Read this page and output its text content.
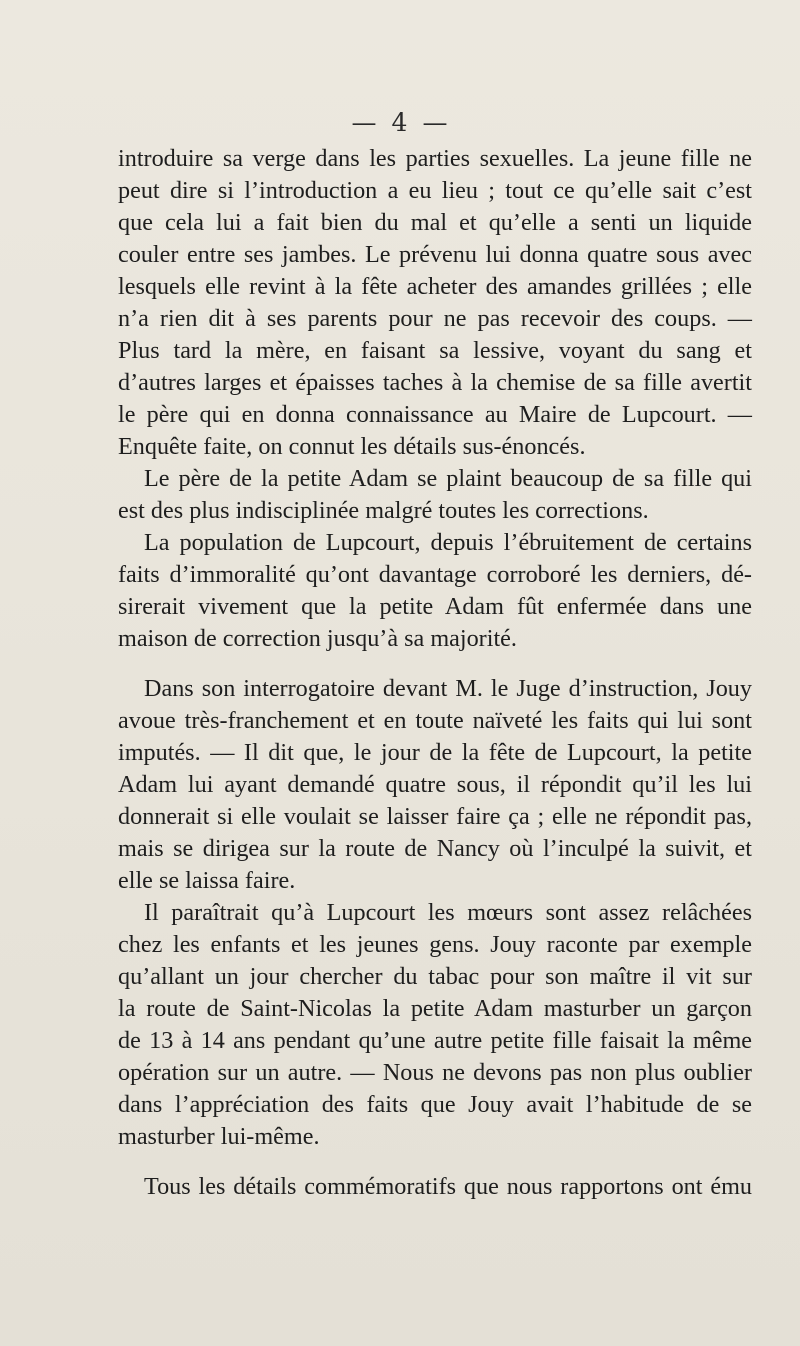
— 4 —
introduire sa verge dans les parties sexuelles. La jeune fille ne
peut dire si l’introduction a eu lieu ; tout ce qu’elle sait c’est
que cela lui a fait bien du mal et qu’elle a senti un liquide
couler entre ses jambes. Le prévenu lui donna quatre sous avec
lesquels elle revint à la fête acheter des amandes grillées ; elle
n’a rien dit à ses parents pour ne pas recevoir des coups. —
Plus tard la mère, en faisant sa lessive, voyant du sang et
d’autres larges et épaisses taches à la chemise de sa fille avertit
le père qui en donna connaissance au Maire de Lupcourt. —
Enquête faite, on connut les détails sus-énoncés.
Le père de la petite Adam se plaint beaucoup de sa fille qui
est des plus indisciplinée malgré toutes les corrections.
La population de Lupcourt, depuis l’ébruitement de certains
faits d’immoralité qu’ont davantage corroboré les derniers, dé-
sirerait vivement que la petite Adam fût enfermée dans une
maison de correction jusqu’à sa majorité.
Dans son interrogatoire devant M. le Juge d’instruction, Jouy
avoue très-franchement et en toute naïveté les faits qui lui sont
imputés. — Il dit que, le jour de la fête de Lupcourt, la petite
Adam lui ayant demandé quatre sous, il répondit qu’il les lui
donnerait si elle voulait se laisser faire ça ; elle ne répondit pas,
mais se dirigea sur la route de Nancy où l’inculpé la suivit, et
elle se laissa faire.
Il paraîtrait qu’à Lupcourt les mœurs sont assez relâchées
chez les enfants et les jeunes gens. Jouy raconte par exemple
qu’allant un jour chercher du tabac pour son maître il vit sur
la route de Saint-Nicolas la petite Adam masturber un garçon
de 13 à 14 ans pendant qu’une autre petite fille faisait la même
opération sur un autre. — Nous ne devons pas non plus oublier
dans l’appréciation des faits que Jouy avait l’habitude de se
masturber lui-même.
Tous les détails commémoratifs que nous rapportons ont ému
